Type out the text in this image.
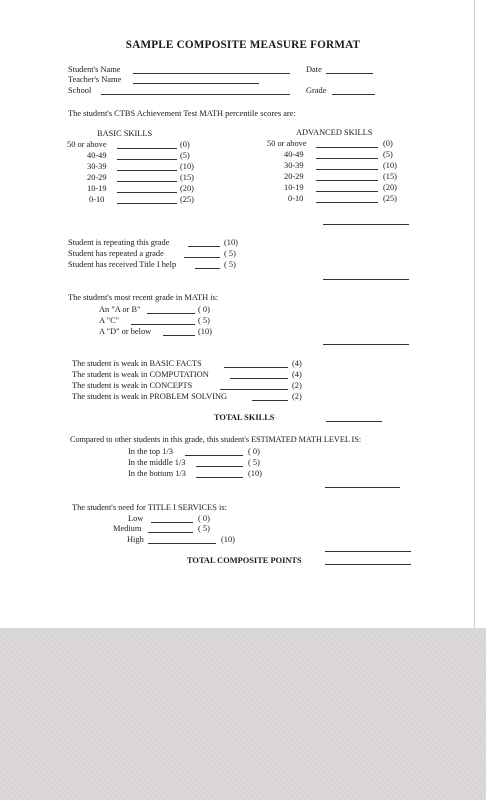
SAMPLE COMPOSITE MEASURE FORMAT
Student's Name	Date
Teacher's Name
School	Grade
The student's CTBS Achievement Test MATH percentile scores are:
BASIC SKILLS
50 or above	(0)
40-49	(5)
30-39	(10)
20-29	(15)
10-19	(20)
0-10	(25)
ADVANCED SKILLS
50 or above	(0)
40-49	(5)
30-39	(10)
20-29	(15)
10-19	(20)
0-10	(25)
Student is repeating this grade	(10)
Student has repeated a grade	( 5)
Student has received Title I help	( 5)
The student's most recent grade in MATH is:
An "A or B"	( 0)
A "C"	( 5)
A "D" or below	(10)
The student is weak in BASIC FACTS	(4)
The student is weak in COMPUTATION	(4)
The student is weak in CONCEPTS	(2)
The student is weak in PROBLEM SOLVING	(2)
TOTAL SKILLS
Compared to other students in this grade, this student's ESTIMATED MATH LEVEL IS:
In the top 1/3	( 0)
In the middle 1/3	( 5)
In the bottom 1/3	(10)
The student's need for TITLE I SERVICES is:
Low	( 0)
Medium	( 5)
High	(10)
TOTAL COMPOSITE POINTS
